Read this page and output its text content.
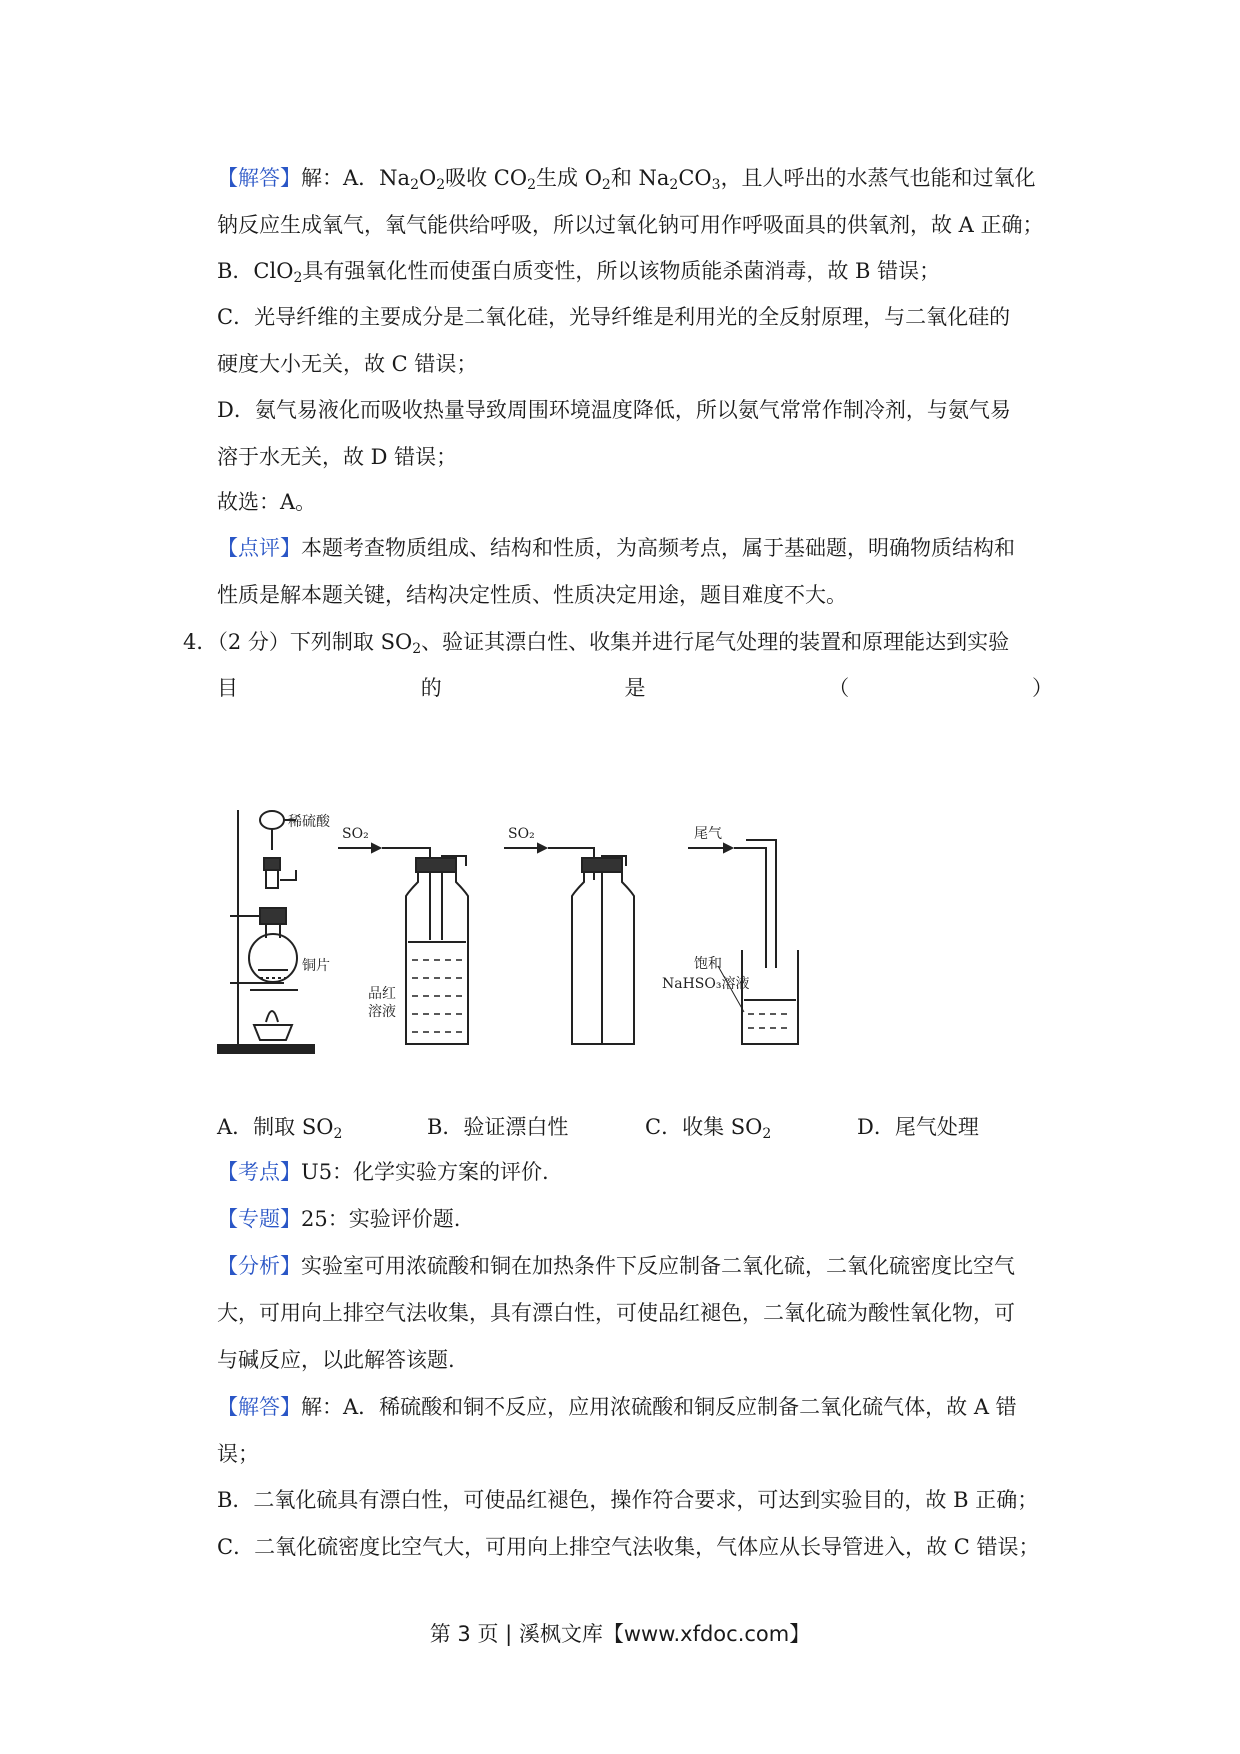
【解答】解：A．$Na_2O_2$吸收 $CO_2$生成 $O_2$和 $Na_2CO_3$，且人呼出的水蒸气也能和过氧化
钠反应生成氧气，氧气能供给呼吸，所以过氧化钠可用作呼吸面具的供氧剂，故 A 正确；
B．ClO$_2$具有强氧化性而使蛋白质变性，所以该物质能杀菌消毒，故 B 错误；
C．光导纤维的主要成分是二氧化硅，光导纤维是利用光的全反射原理，与二氧化硅的
硬度大小无关，故 C 错误；
D．氨气易液化而吸收热量导致周围环境温度降低，所以氨气常常作制冷剂，与氨气易
溶于水无关，故 D 错误；
故选：A。
【点评】本题考查物质组成、结构和性质，为高频考点，属于基础题，明确物质结构和
性质是解本题关键，结构决定性质、性质决定用途，题目难度不大。
4．（2 分）下列制取 $SO_2$、验证其漂白性、收集并进行尾气处理的装置和原理能达到实验
目	的	是	（	）
稀硫酸
铜片
SO₂	SO₂	尾气
品红
溶液
饱和
NaHSO₃溶液
A．制取 $SO_2$	B．验证漂白性	C．收集 $SO_2$	D．尾气处理
【考点】U5：化学实验方案的评价.
【专题】25：实验评价题.
【分析】实验室可用浓硫酸和铜在加热条件下反应制备二氧化硫，二氧化硫密度比空气
大，可用向上排空气法收集，具有漂白性，可使品红褪色，二氧化硫为酸性氧化物，可
与碱反应，以此解答该题.
【解答】解：A．稀硫酸和铜不反应，应用浓硫酸和铜反应制备二氧化硫气体，故 A 错
误；
B．二氧化硫具有漂白性，可使品红褪色，操作符合要求，可达到实验目的，故 B 正确；
C．二氧化硫密度比空气大，可用向上排空气法收集，气体应从长导管进入，故 C 错误；
第 3 页 | 溪枫文库【www.xfdoc.com】
